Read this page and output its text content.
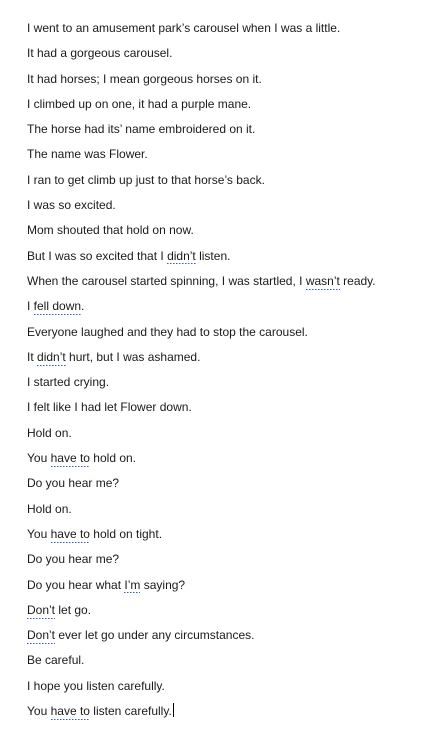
I went to an amusement park’s carousel when I was a little.

It had a gorgeous carousel.

It had horses; I mean gorgeous horses on it.

I climbed up on one, it had a purple mane.

The horse had its’ name embroidered on it.

The name was Flower.

I ran to get climb up just to that horse’s back.

I was so excited.

Mom shouted that hold on now.

But I was so excited that I didn’t listen.

When the carousel started spinning, I was startled, I wasn’t ready.

I fell down.

Everyone laughed and they had to stop the carousel.

It didn’t hurt, but I was ashamed.

I started crying.

I felt like I had let Flower down.

Hold on.

You have to hold on.

Do you hear me?

Hold on.

You have to hold on tight.

Do you hear me?

Do you hear what I’m saying?

Don’t let go.

Don’t ever let go under any circumstances.

Be careful.

I hope you listen carefully.

You have to listen carefully.
